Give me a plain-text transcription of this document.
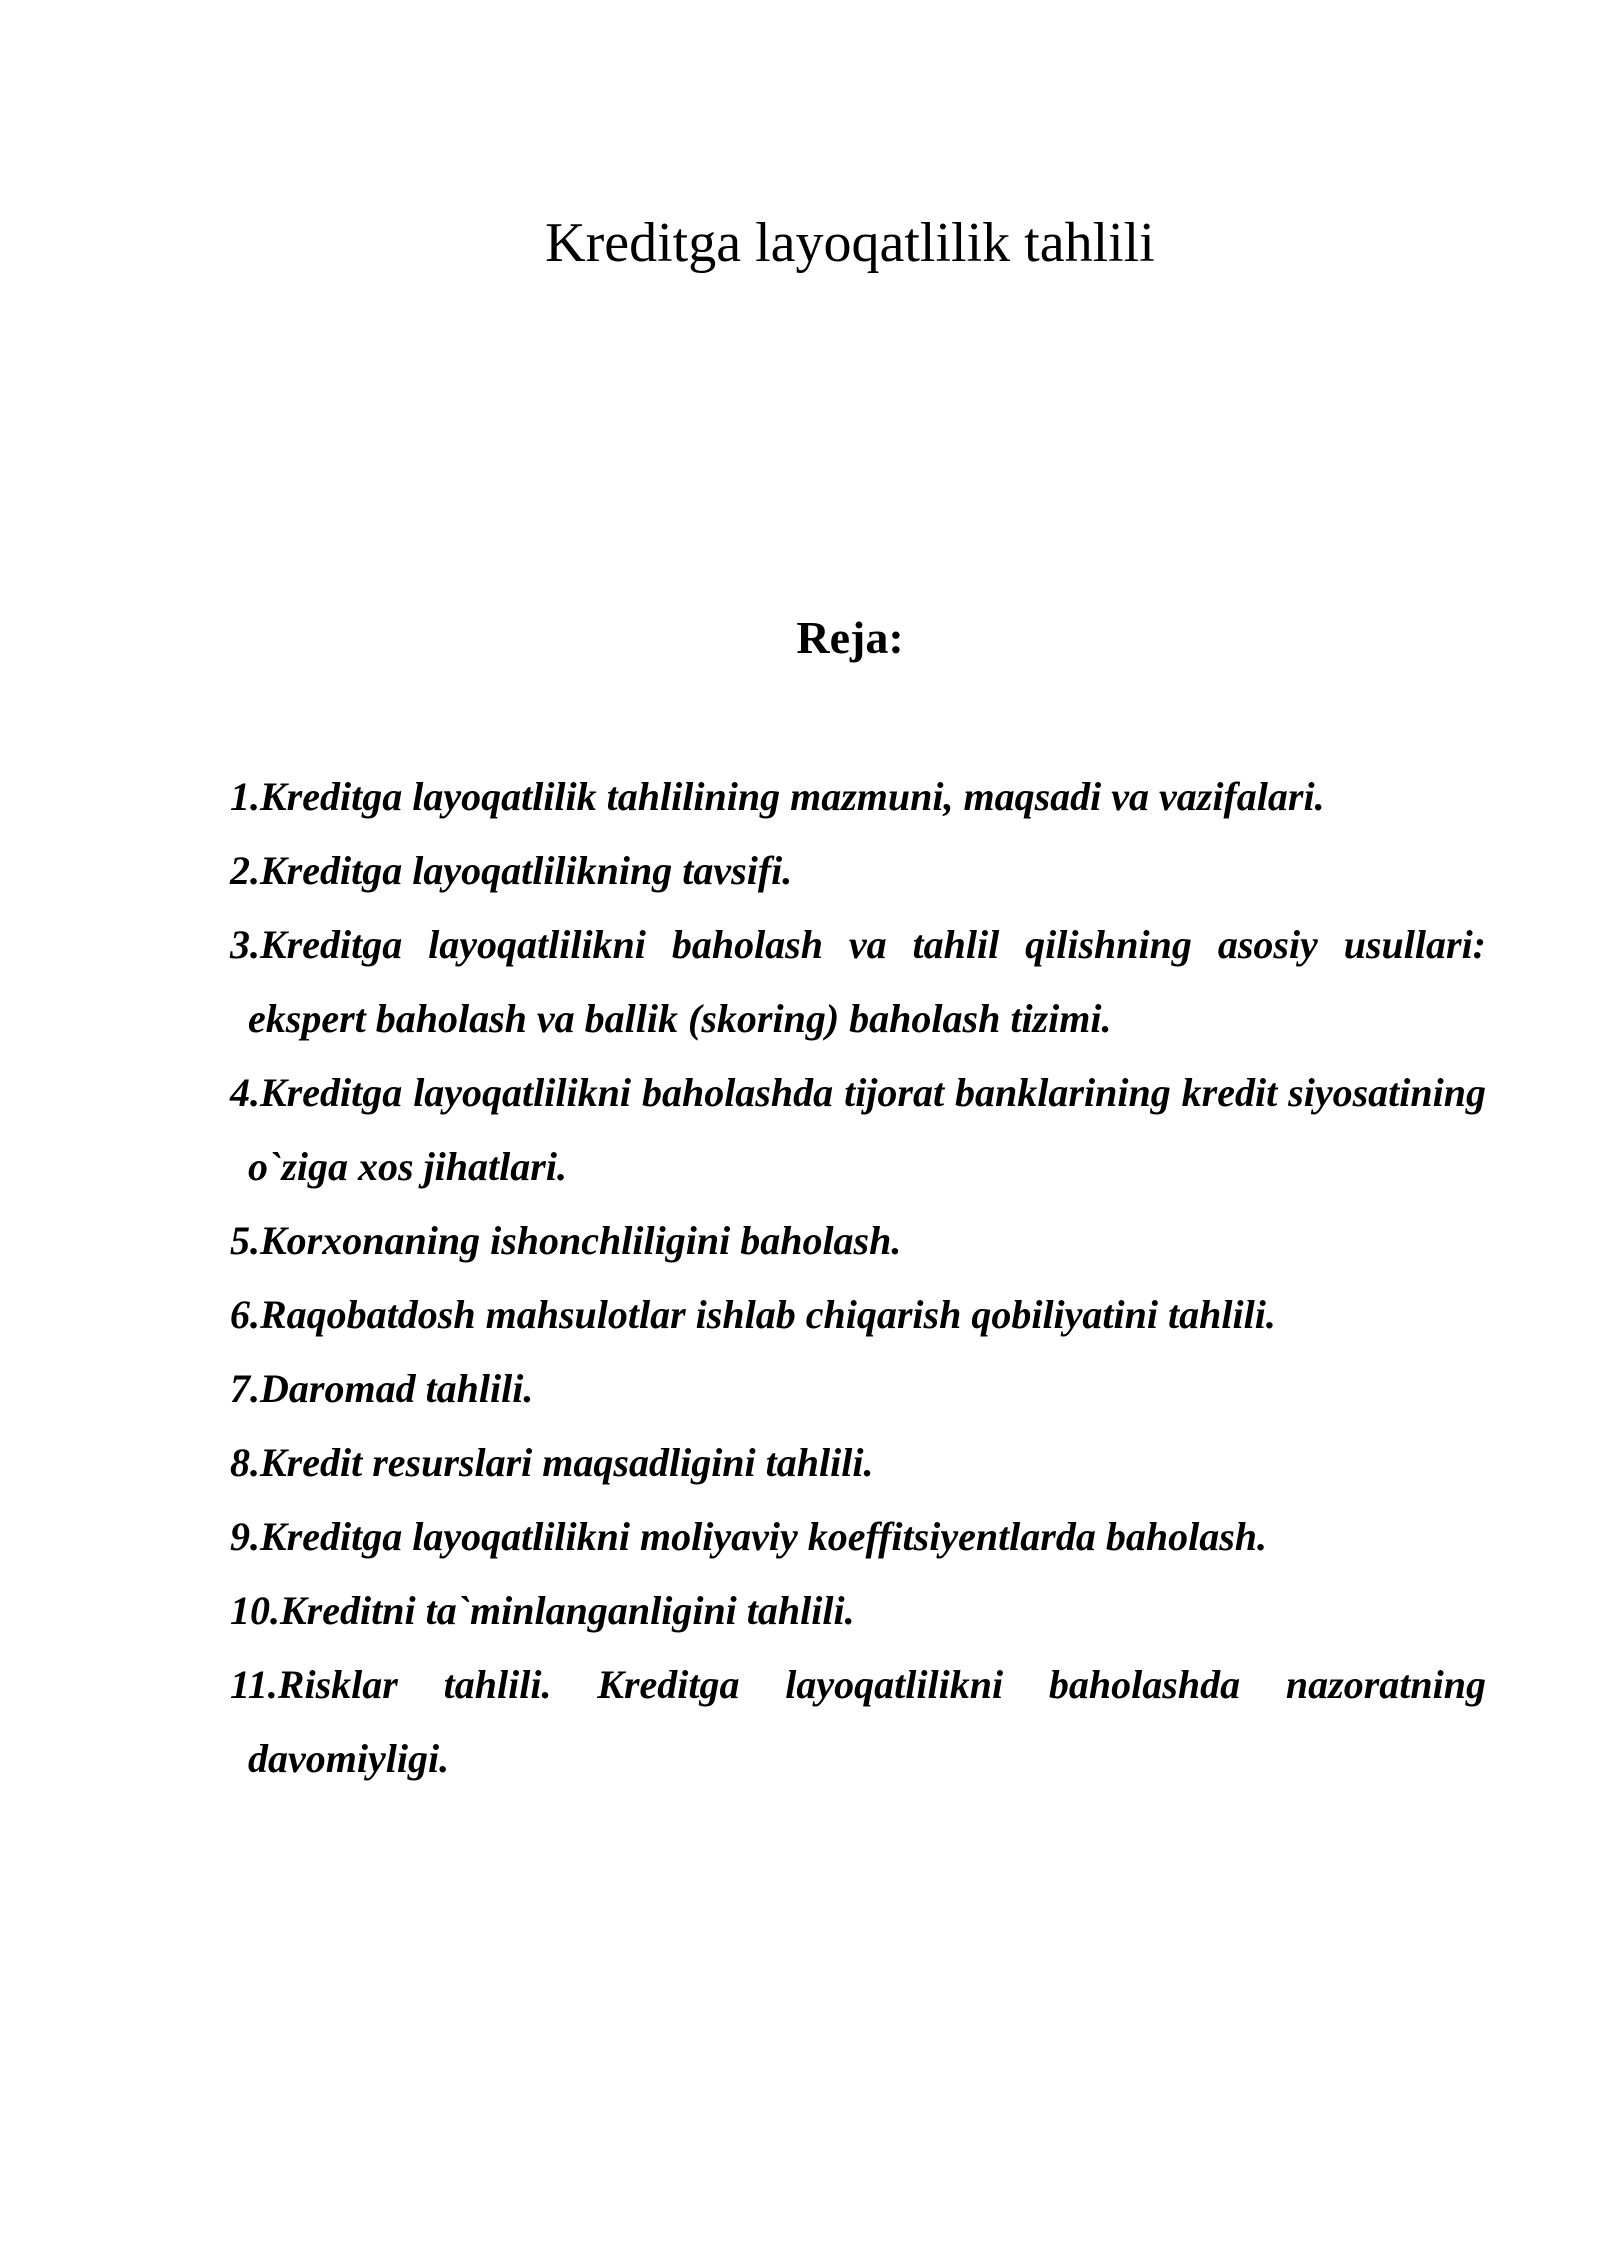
Kreditga layoqatlilik tahlili
Reja:
1.Kreditga layoqatlilik tahlilining mazmuni, maqsadi va vazifalari.
2.Kreditga layoqatlilikning tavsifi.
3.Kreditga layoqatlilikni baholash va tahlil qilishning asosiy usullari: ekspert baholash va ballik (skoring) baholash tizimi.
4.Kreditga layoqatlilikni baholashda tijorat banklarining kredit siyosatining o`ziga xos jihatlari.
5.Korxonaning ishonchliligini baholash.
6.Raqobatdosh mahsulotlar ishlab chiqarish qobiliyatini tahlili.
7.Daromad tahlili.
8.Kredit resurslari maqsadligini tahlili.
9.Kreditga layoqatlilikni moliyaviy koeffitsiyentlarda baholash.
10.Kreditni ta`minlanganligini tahlili.
11.Risklar tahlili. Kreditga layoqatlilikni baholashda nazoratning davomiyligi.
